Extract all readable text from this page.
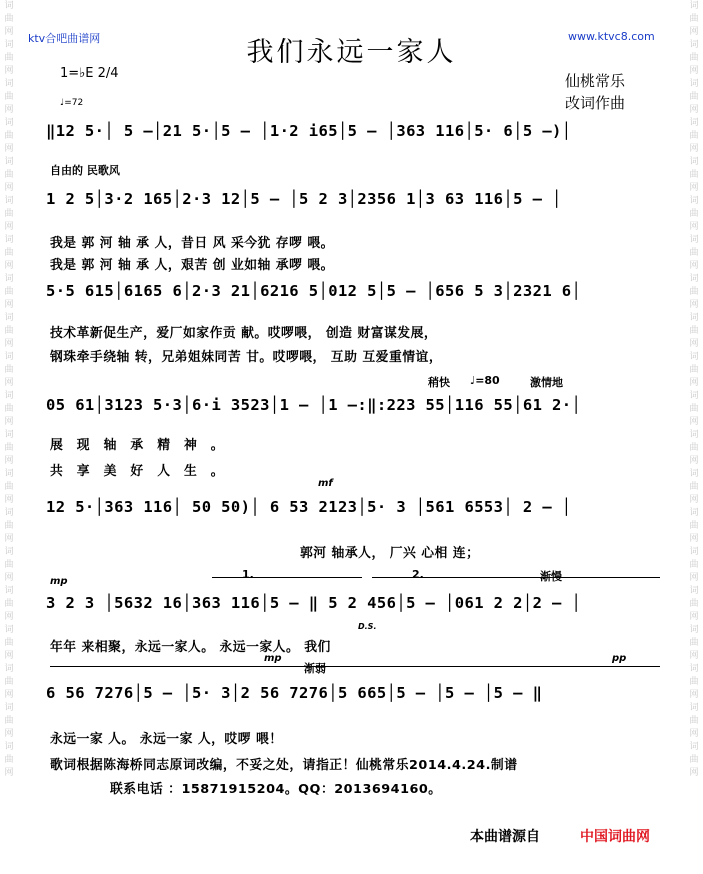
词曲网词曲网词曲网词曲网词曲网词曲网词曲网词曲网词曲网词曲网词曲网词曲网词曲网词曲网词曲网词曲网词曲网词曲网词曲网词曲网
词曲网词曲网词曲网词曲网词曲网词曲网词曲网词曲网词曲网词曲网词曲网词曲网词曲网词曲网词曲网词曲网词曲网词曲网词曲网词曲网
ktv合吧曲谱网	www.ktvc8.com
我们永远一家人
仙桃常乐
改词作曲
1=♭E 2/4
♩=72
‖12 5·│ 5 –│21 5·│5 – │1·2 i65│5 – │363 116│5· 6│5 –)│
自由的 民歌风
1 2 5│3·2 165│2·3 12│5 – │5 2 3│2356 1│3 63 116│5 – │
我是 郭 河 轴 承 人，昔日 风 采今犹 存啰 喂。
我是 郭 河 轴 承 人，艰苦 创 业如轴 承啰 喂。
5·5 615│6165 6│2·3 21│6216 5│012 5│5 – │656 5 3│2321 6│
技术革新促生产，爱厂如家作贡 献。哎啰喂， 创造 财富谋发展，
钢珠牵手绕轴 转，兄弟姐妹同苦 甘。哎啰喂， 互助 互爱重情谊，
稍快 ♩=80	激情地
05 61│3123 5·3│6·i 3523│1 – │1 –:‖:223 55│116 55│61 2·│
展现轴承精神。
共享美好人生。
mf
12 5·│363 116│ 50 50)│ 6 53 2123│5· 3 │561 6553│ 2 – │
郭河 轴承人， 厂兴 心相 连；
mp
1.	2.	渐慢
3 2 3 │5632 16│363 116│5 – ‖ 5 2 456│5 – │061 2 2│2 – │
D.S.
年年 来相聚，永远一家人。 永远一家人。 我们
mp
渐弱
pp
6 56 7276│5 – │5· 3│2 56 7276│5 665│5 – │5 – │5 – ‖
永远一家 人。 永远一家 人，哎啰 喂！
歌词根据陈海桥同志原词改编，不妥之处，请指正！仙桃常乐2014.4.24.制谱
联系电话 ：15871915204。QQ：2013694160。
本曲谱源自	中国词曲网
